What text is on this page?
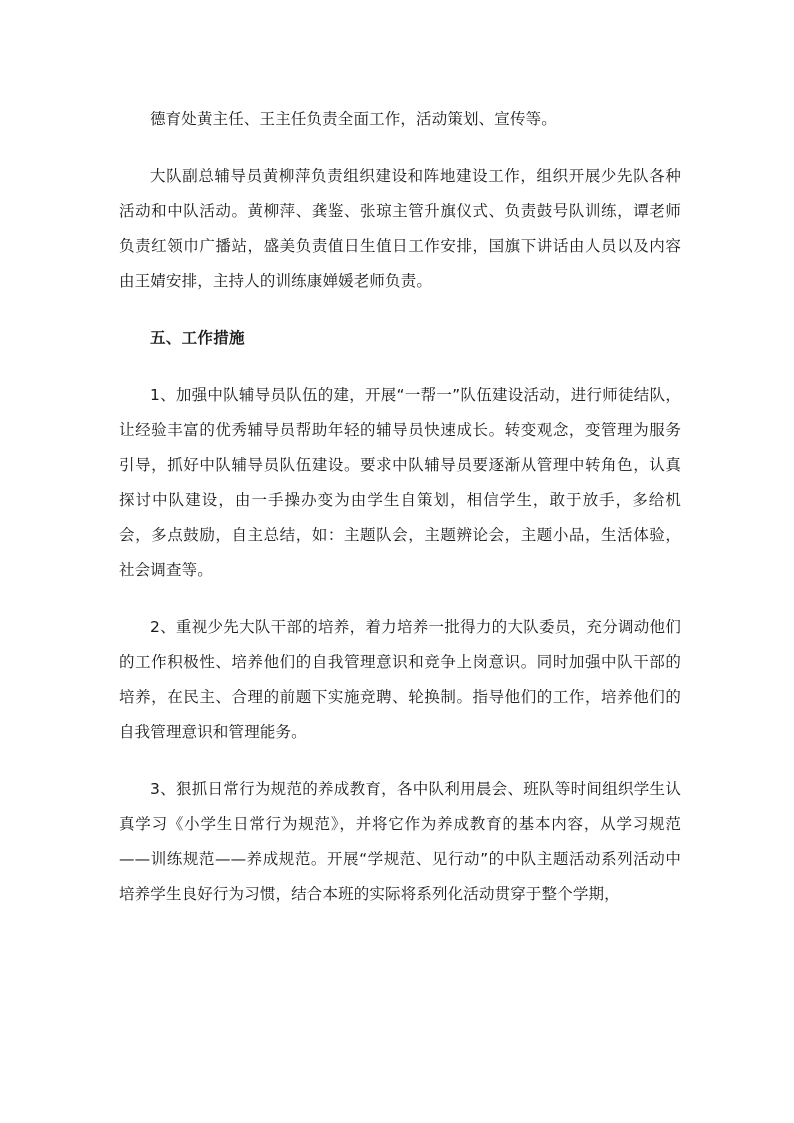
德育处黄主任、王主任负责全面工作，活动策划、宣传等。

大队副总辅导员黄柳萍负责组织建设和阵地建设工作，组织开展少先队各种活动和中队活动。黄柳萍、龚鉴、张琼主管升旗仪式、负责鼓号队训练，谭老师负责红领巾广播站，盛美负责值日生值日工作安排，国旗下讲话由人员以及内容由王婧安排，主持人的训练康婵媛老师负责。

五、工作措施

1、加强中队辅导员队伍的建，开展“一帮一”队伍建设活动，进行师徒结队，让经验丰富的优秀辅导员帮助年轻的辅导员快速成长。转变观念，变管理为服务引导，抓好中队辅导员队伍建设。要求中队辅导员要逐渐从管理中转角色，认真探讨中队建设，由一手操办变为由学生自策划，相信学生，敢于放手，多给机会，多点鼓励，自主总结，如：主题队会，主题辨论会，主题小品，生活体验，社会调查等。

2、重视少先大队干部的培养，着力培养一批得力的大队委员，充分调动他们的工作积极性、培养他们的自我管理意识和竞争上岗意识。同时加强中队干部的培养，在民主、合理的前题下实施竞聘、轮换制。指导他们的工作，培养他们的自我管理意识和管理能务。

3、狠抓日常行为规范的养成教育，各中队利用晨会、班队等时间组织学生认真学习《小学生日常行为规范》，并将它作为养成教育的基本内容，从学习规范——训练规范——养成规范。开展“学规范、见行动”的中队主题活动系列活动中培养学生良好行为习惯，结合本班的实际将系列化活动贯穿于整个学期，
